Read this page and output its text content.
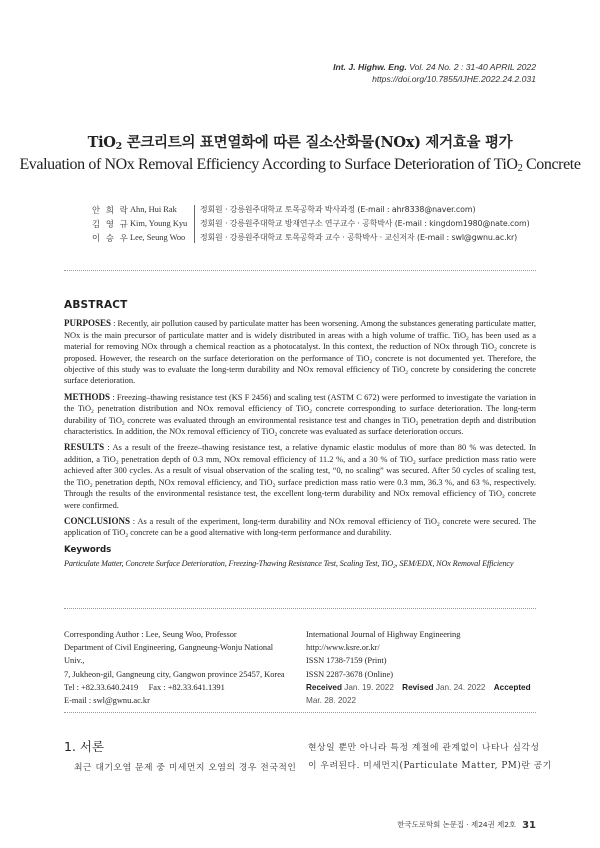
Int. J. Highw. Eng. Vol. 24 No. 2 : 31-40 APRIL 2022
https://doi.org/10.7855/IJHE.2022.24.2.031
TiO$_2$ 콘크리트의 표면열화에 따른 질소산화물(NOx) 제거효율 평가
Evaluation of NOx Removal Efficiency According to Surface Deterioration of TiO$_2$ Concrete
안 희 락 Ahn, Hui Rak	정회원 · 강릉원주대학교 토목공학과 박사과정 (E-mail : ahr8338@naver.com)
김 영 규 Kim, Young Kyu	정회원 · 강릉원주대학교 방재연구소 연구교수 · 공학박사 (E-mail : kingdom1980@nate.com)
이 승 우 Lee, Seung Woo	정회원 · 강릉원주대학교 토목공학과 교수 · 공학박사 · 교신저자 (E-mail : swl@gwnu.ac.kr)
ABSTRACT

PURPOSES : Recently, air pollution caused by particulate matter has been worsening. Among the substances generating particulate matter, NOx is the main precursor of particulate matter and is widely distributed in areas with a high volume of traffic. TiO$_2$ has been used as a material for removing NOx through a chemical reaction as a photocatalyst. In this context, the reduction of NOx through TiO$_2$ concrete is proposed. However, the research on the surface deterioration on the performance of TiO$_2$ concrete is not documented yet. Therefore, the objective of this study was to evaluate the long-term durability and NOx removal efficiency of TiO$_2$ concrete by considering the concrete surface deterioration.

METHODS : Freezing–thawing resistance test (KS F 2456) and scaling test (ASTM C 672) were performed to investigate the variation in the TiO$_2$ penetration distribution and NOx removal efficiency of TiO$_2$ concrete corresponding to surface deterioration. The long-term durability of TiO$_2$ concrete was evaluated through an environmental resistance test and changes in TiO$_2$ penetration depth and distribution characteristics. In addition, the NOx removal efficiency of TiO$_2$ concrete was evaluated as surface deterioration occurs.

RESULTS : As a result of the freeze–thawing resistance test, a relative dynamic elastic modulus of more than 80 % was detected. In addition, a TiO$_2$ penetration depth of 0.3 mm, NOx removal efficiency of 11.2 %, and a 30 % of TiO$_2$ surface prediction mass ratio were achieved after 300 cycles. As a result of visual observation of the scaling test, “0, no scaling” was secured. After 50 cycles of scaling test, the TiO$_2$ penetration depth, NOx removal efficiency, and TiO$_2$ surface prediction mass ratio were 0.3 mm, 36.3 %, and 63 %, respectively. Through the results of the environmental resistance test, the excellent long-term durability and NOx removal efficiency of TiO$_2$ concrete were confirmed.

CONCLUSIONS : As a result of the experiment, long-term durability and NOx removal efficiency of TiO$_2$ concrete were secured. The application of TiO$_2$ concrete can be a good alternative with long-term performance and durability.

Keywords
Particulate Matter, Concrete Surface Deterioration, Freezing-Thawing Resistance Test, Scaling Test, TiO$_2$, SEM/EDX, NOx Removal Efficiency
Corresponding Author : Lee, Seung Woo, Professor
Department of Civil Engineering, Gangneung-Wonju National Univ.,
7, Jukheon-gil, Gangneung city, Gangwon province 25457, Korea
Tel : +82.33.640.2419     Fax : +82.33.641.1391
E-mail : swl@gwnu.ac.kr
International Journal of Highway Engineering
http://www.ksre.or.kr/
ISSN 1738-7159 (Print)
ISSN 2287-3678 (Online)
Received Jan. 19. 2022 Revised Jan. 24. 2022 Accepted Mar. 28. 2022
1. 서론
최근 대기오염 문제 중 미세먼지 오염의 경우 전국적인
현상일 뿐만 아니라 특정 계절에 관계없이 나타나 심각성
이 우려된다. 미세먼지(Particulate Matter, PM)란 공기
한국도로학회 논문집 · 제24권 제2호 31
